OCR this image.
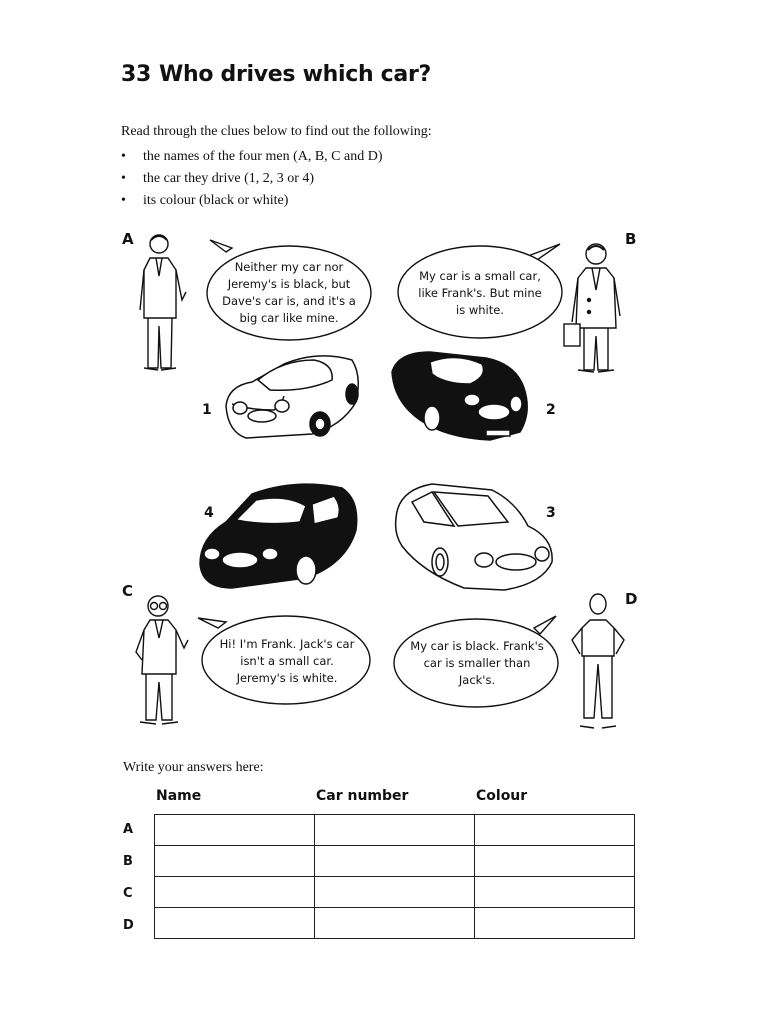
33 Who drives which car?
Read through the clues below to find out the following:
• the names of the four men (A, B, C and D)
• the car they drive (1, 2, 3 or 4)
• its colour (black or white)
A	B
C	D
Neither my car nor Jeremy's is black, but Dave's car is, and it's a big car like mine.
My car is a small car, like Frank's. But mine is white.
Hi! I'm Frank. Jack's car isn't a small car. Jeremy's is white.
My car is black. Frank's car is smaller than Jack's.
1	2
3
4
Write your answers here:
Name	Car number	Colour
A
B
C
D
